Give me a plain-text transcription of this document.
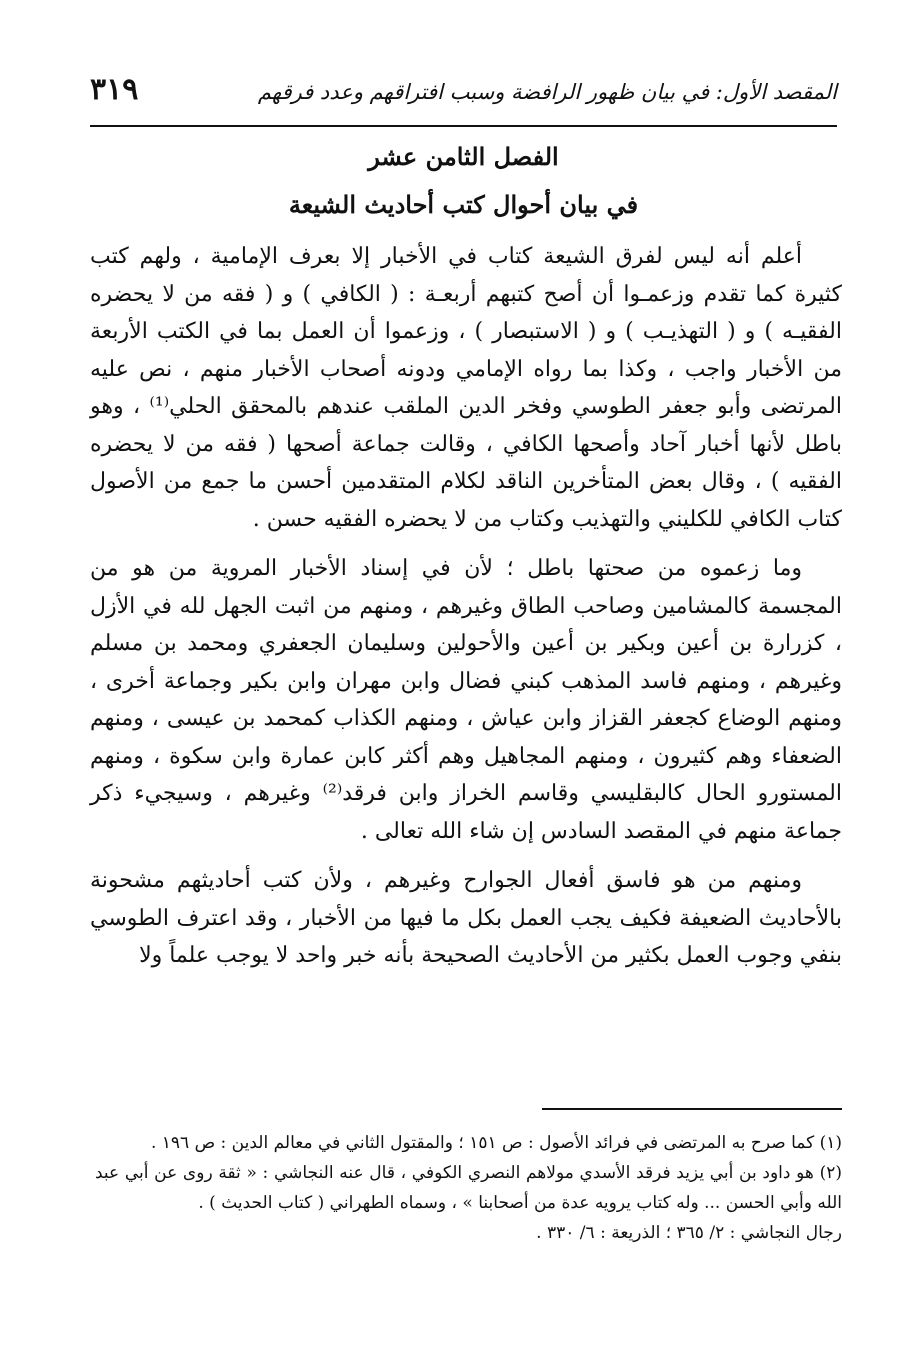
المقصد الأول: في بيان ظهور الرافضة وسبب افتراقهم وعدد فرقهم
٣١٩
الفصل الثامن عشر
في بيان أحوال كتب أحاديث الشيعة

أعلم أنه ليس لفرق الشيعة كتاب في الأخبار إلا بعرف الإمامية ، ولهم كتب كثيرة كما تقدم وزعمـوا أن أصح كتبهم أربعـة : ( الكافي ) و ( فقه من لا يحضره الفقيـه ) و ( التهذيـب ) و ( الاستبصار ) ، وزعموا أن العمل بما في الكتب الأربعة من الأخبار واجب ، وكذا بما رواه الإمامي ودونه أصحاب الأخبار منهم ، نص عليه المرتضى وأبو جعفر الطوسي وفخر الدين الملقب عندهم بالمحقق الحلي⁽¹⁾ ، وهو باطل لأنها أخبار آحاد وأصحها الكافي ، وقالت جماعة أصحها ( فقه من لا يحضره الفقيه ) ، وقال بعض المتأخرين الناقد لكلام المتقدمين أحسن ما جمع من الأصول كتاب الكافي للكليني والتهذيب وكتاب من لا يحضره الفقيه حسن .

وما زعموه من صحتها باطل ؛ لأن في إسناد الأخبار المروية من هو من المجسمة كالمشامين وصاحب الطاق وغيرهم ، ومنهم من اثبت الجهل لله في الأزل ، كزرارة بن أعين وبكير بن أعين والأحولين وسليمان الجعفري ومحمد بن مسلم وغيرهم ، ومنهم فاسد المذهب كبني فضال وابن مهران وابن بكير وجماعة أخرى ، ومنهم الوضاع كجعفر القزاز وابن عياش ، ومنهم الكذاب كمحمد بن عيسى ، ومنهم الضعفاء وهم كثيرون ، ومنهم المجاهيل وهم أكثر كابن عمارة وابن سكوة ، ومنهم المستورو الحال كالبقليسي وقاسم الخراز وابن فرقد⁽²⁾ وغيرهم ، وسيجيء ذكر جماعة منهم في المقصد السادس إن شاء الله تعالى .

ومنهم من هو فاسق أفعال الجوارح وغيرهم ، ولأن كتب أحاديثهم مشحونة بالأحاديث الضعيفة فكيف يجب العمل بكل ما فيها من الأخبار ، وقد اعترف الطوسي بنفي وجوب العمل بكثير من الأحاديث الصحيحة بأنه خبر واحد لا يوجب علماً ولا

(١) كما صرح به المرتضى في فرائد الأصول : ص ١٥١ ؛ والمقتول الثاني في معالم الدين : ص ١٩٦ .

(٢) هو داود بن أبي يزيد فرقد الأسدي مولاهم النصري الكوفي ، قال عنه النجاشي : « ثقة روى عن أبي عبد الله وأبي الحسن ... وله كتاب يرويه عدة من أصحابنا » ، وسماه الطهراني ( كتاب الحديث ) .

رجال النجاشي : ٢/ ٣٦٥ ؛ الذريعة : ٦/ ٣٣٠ .
